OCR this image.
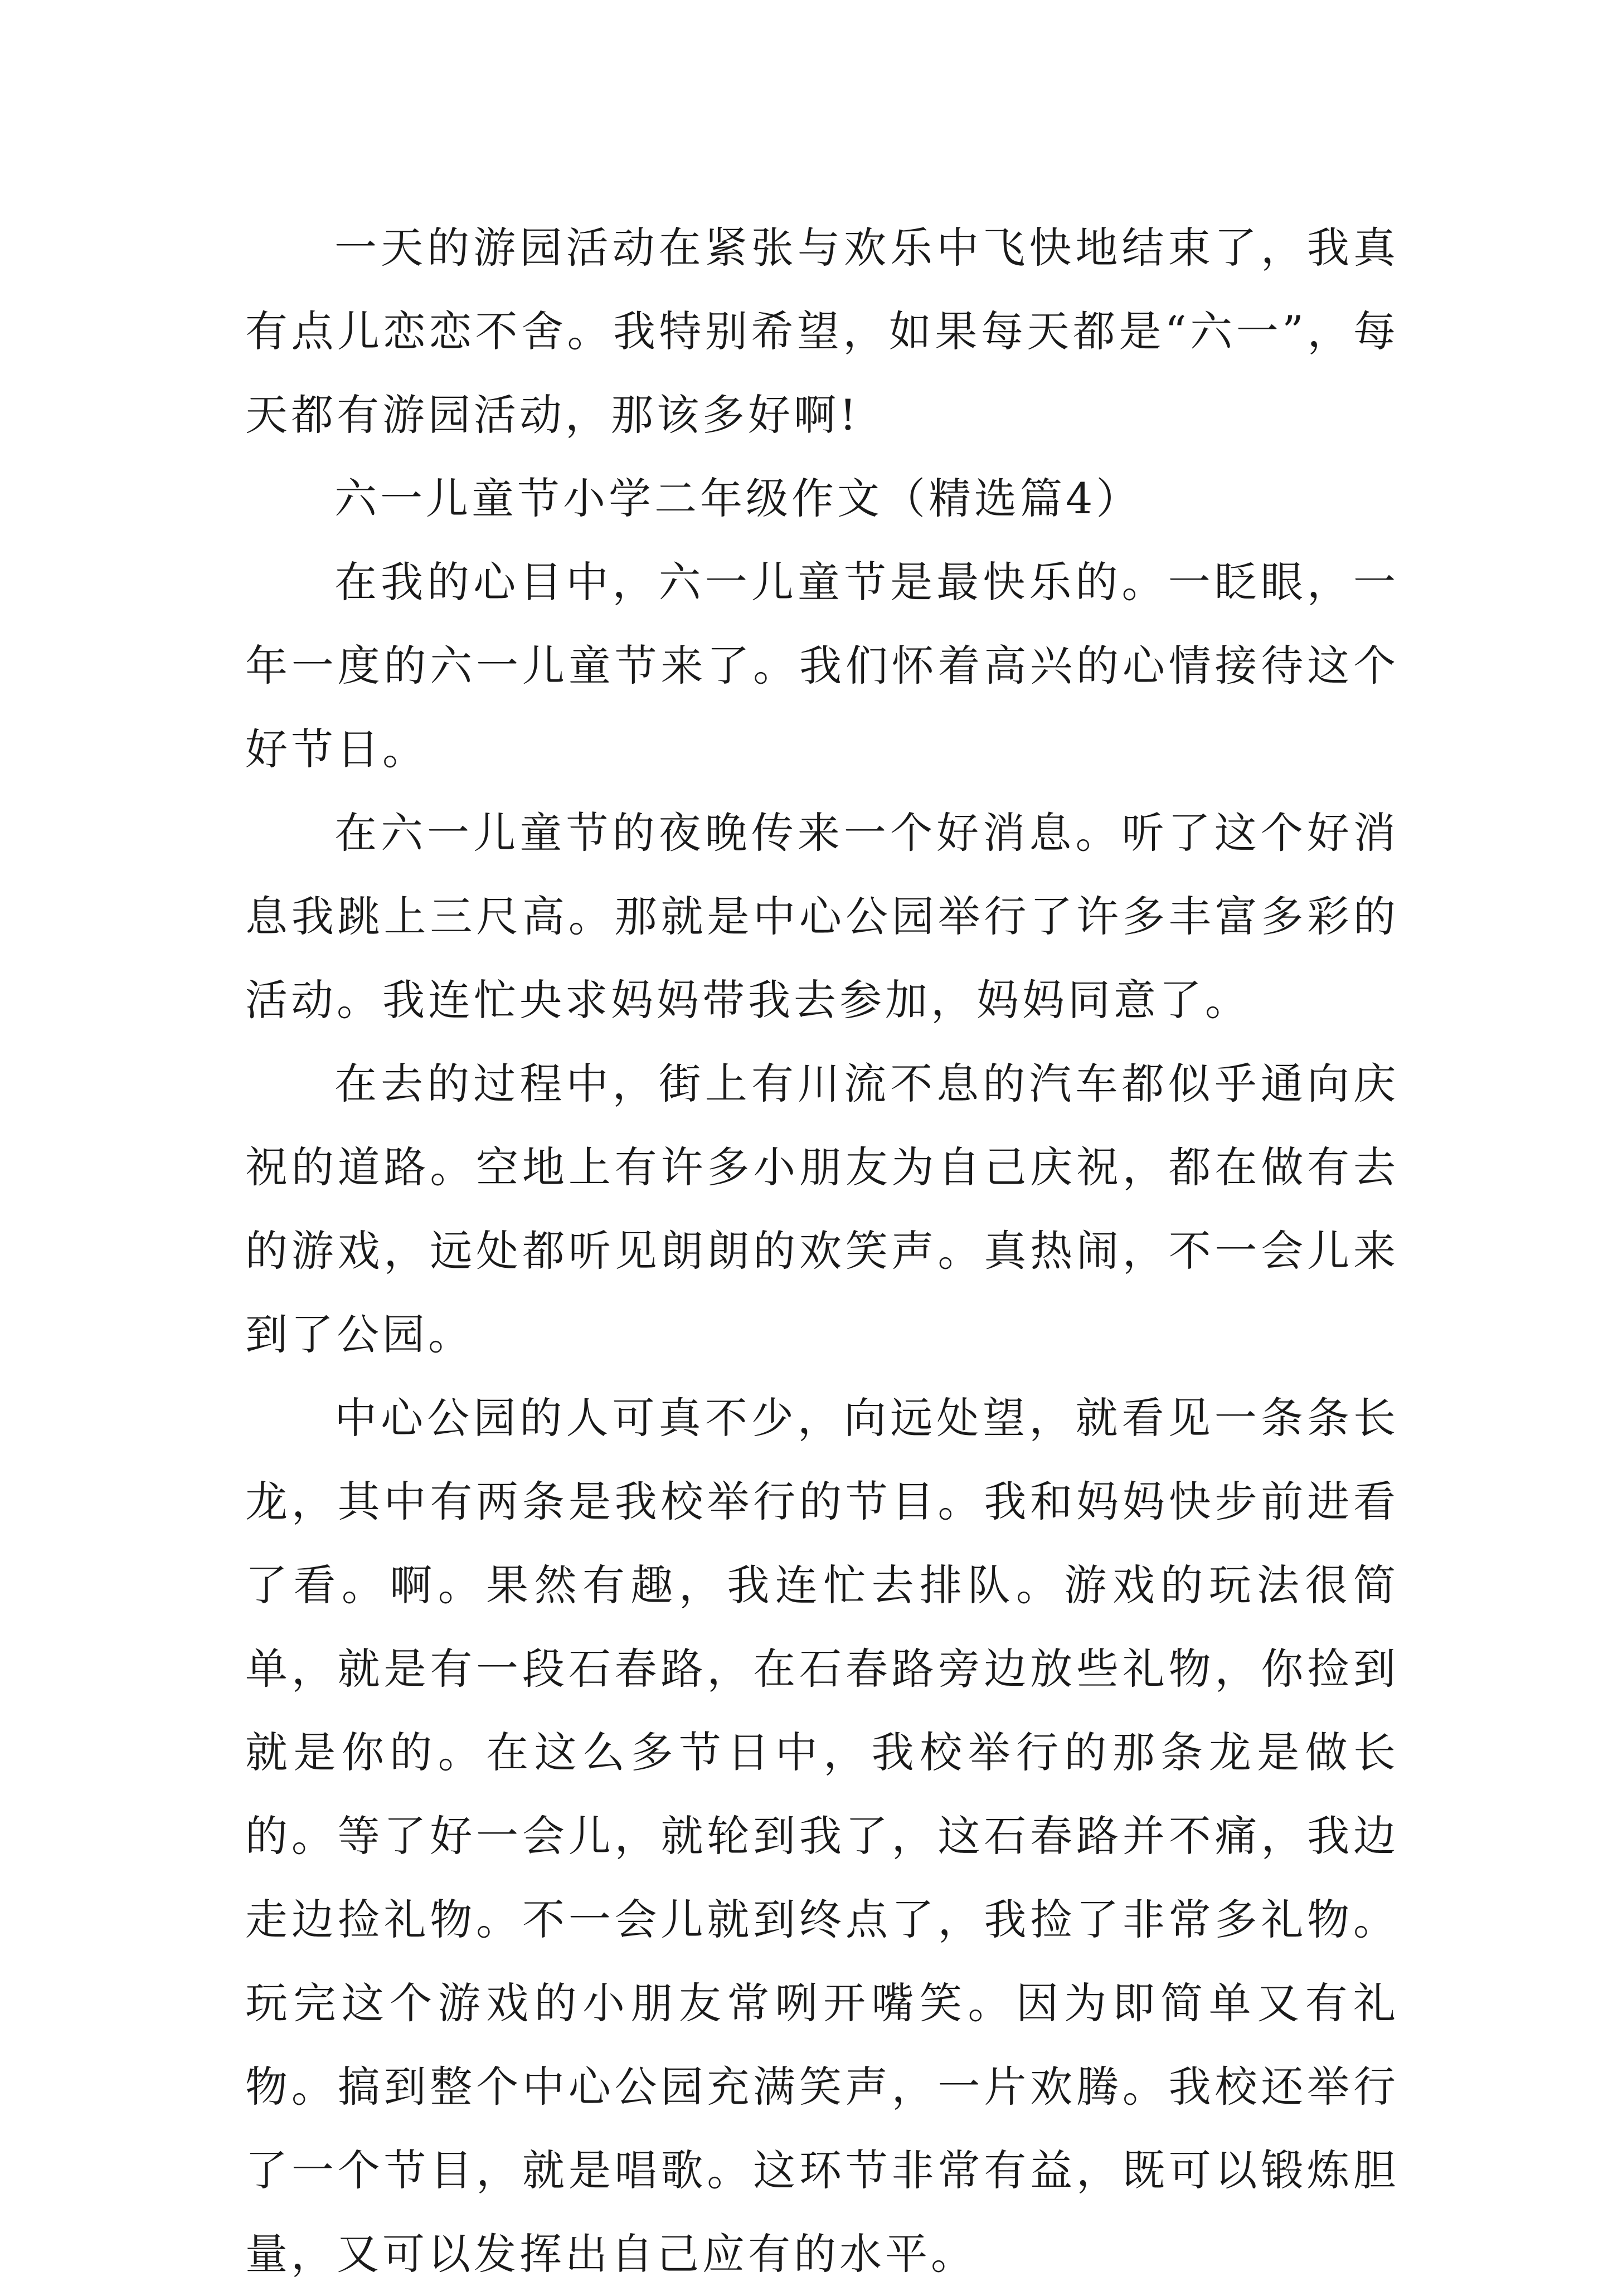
一天的游园活动在紧张与欢乐中飞快地结束了，我真有点儿恋恋不舍。我特别希望，如果每天都是“六一”，每天都有游园活动，那该多好啊!

六一儿童节小学二年级作文（精选篇4）

在我的心目中，六一儿童节是最快乐的。一眨眼，一年一度的六一儿童节来了。我们怀着高兴的心情接待这个好节日。

在六一儿童节的夜晚传来一个好消息。听了这个好消息我跳上三尺高。那就是中心公园举行了许多丰富多彩的活动。我连忙央求妈妈带我去参加，妈妈同意了。

在去的过程中，街上有川流不息的汽车都似乎通向庆祝的道路。空地上有许多小朋友为自己庆祝，都在做有去的游戏，远处都听见朗朗的欢笑声。真热闹，不一会儿来到了公园。

中心公园的人可真不少，向远处望，就看见一条条长龙，其中有两条是我校举行的节目。我和妈妈快步前进看了看。啊。果然有趣，我连忙去排队。游戏的玩法很简单，就是有一段石春路，在石春路旁边放些礼物，你捡到就是你的。在这么多节日中，我校举行的那条龙是做长的。等了好一会儿，就轮到我了，这石春路并不痛，我边走边捡礼物。不一会儿就到终点了，我捡了非常多礼物。玩完这个游戏的小朋友常咧开嘴笑。因为即简单又有礼物。搞到整个中心公园充满笑声，一片欢腾。我校还举行了一个节目，就是唱歌。这环节非常有益，既可以锻炼胆量，又可以发挥出自己应有的水平。
